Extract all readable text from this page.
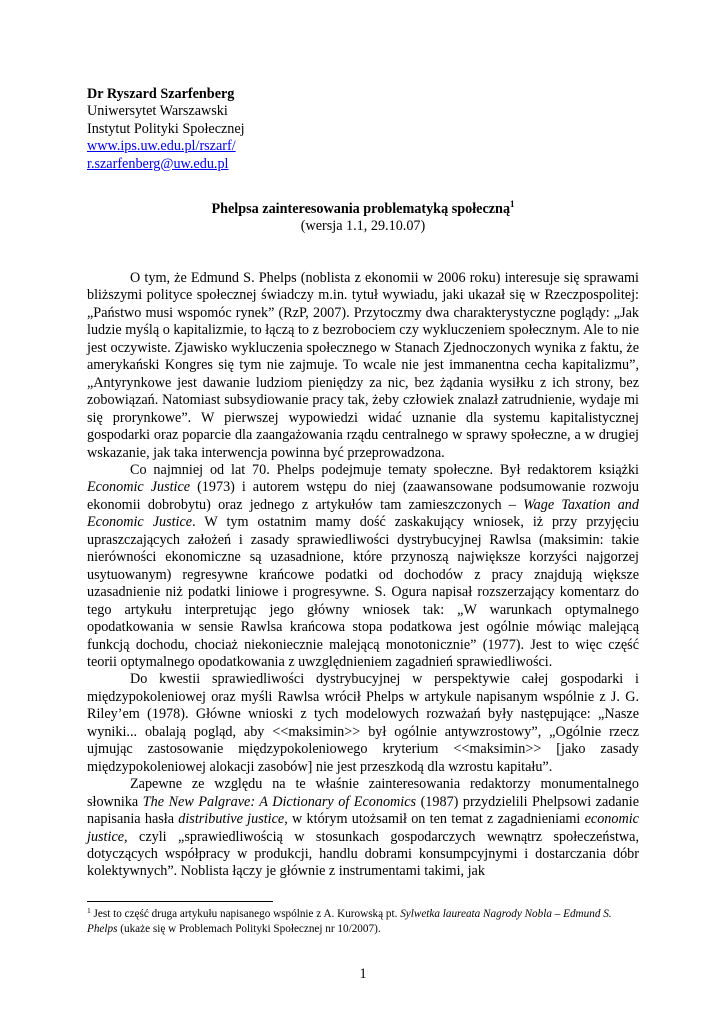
Dr Ryszard Szarfenberg
Uniwersytet Warszawski
Instytut Polityki Społecznej
www.ips.uw.edu.pl/rszarf/
r.szarfenberg@uw.edu.pl
Phelpsa zainteresowania problematyką społeczną$^1$
(wersja 1.1, 29.10.07)

O tym, że Edmund S. Phelps (noblista z ekonomii w 2006 roku) interesuje się sprawami bliższymi polityce społecznej świadczy m.in. tytuł wywiadu, jaki ukazał się w Rzeczpospolitej: „Państwo musi wspomóc rynek” (RzP, 2007). Przytoczmy dwa charakterystyczne poglądy: „Jak ludzie myślą o kapitalizmie, to łączą to z bezrobociem czy wykluczeniem społecznym. Ale to nie jest oczywiste. Zjawisko wykluczenia społecznego w Stanach Zjednoczonych wynika z faktu, że amerykański Kongres się tym nie zajmuje. To wcale nie jest immanentna cecha kapitalizmu”, „Antyrynkowe jest dawanie ludziom pieniędzy za nic, bez żądania wysiłku z ich strony, bez zobowiązań. Natomiast subsydiowanie pracy tak, żeby człowiek znalazł zatrudnienie, wydaje mi się prorynkowe”. W pierwszej wypowiedzi widać uznanie dla systemu kapitalistycznej gospodarki oraz poparcie dla zaangażowania rządu centralnego w sprawy społeczne, a w drugiej wskazanie, jak taka interwencja powinna być przeprowadzona.

Co najmniej od lat 70. Phelps podejmuje tematy społeczne. Był redaktorem książki Economic Justice (1973) i autorem wstępu do niej (zaawansowane podsumowanie rozwoju ekonomii dobrobytu) oraz jednego z artykułów tam zamieszczonych – Wage Taxation and Economic Justice. W tym ostatnim mamy dość zaskakujący wniosek, iż przy przyjęciu upraszczających założeń i zasady sprawiedliwości dystrybucyjnej Rawlsa (maksimin: takie nierówności ekonomiczne są uzasadnione, które przynoszą największe korzyści najgorzej usytuowanym) regresywne krańcowe podatki od dochodów z pracy znajdują większe uzasadnienie niż podatki liniowe i progresywne. S. Ogura napisał rozszerzający komentarz do tego artykułu interpretując jego główny wniosek tak: „W warunkach optymalnego opodatkowania w sensie Rawlsa krańcowa stopa podatkowa jest ogólnie mówiąc malejącą funkcją dochodu, chociaż niekoniecznie malejącą monotonicznie” (1977). Jest to więc część teorii optymalnego opodatkowania z uwzględnieniem zagadnień sprawiedliwości.

Do kwestii sprawiedliwości dystrybucyjnej w perspektywie całej gospodarki i międzypokoleniowej oraz myśli Rawlsa wrócił Phelps w artykule napisanym wspólnie z J. G. Riley’em (1978). Główne wnioski z tych modelowych rozważań były następujące: „Nasze wyniki... obalają pogląd, aby <<maksimin>> był ogólnie antywzrostowy”, „Ogólnie rzecz ujmując zastosowanie międzypokoleniowego kryterium <<maksimin>> [jako zasady międzypokoleniowej alokacji zasobów] nie jest przeszkodą dla wzrostu kapitału”.

Zapewne ze względu na te właśnie zainteresowania redaktorzy monumentalnego słownika The New Palgrave: A Dictionary of Economics (1987) przydzielili Phelpsowi zadanie napisania hasła distributive justice, w którym utożsamił on ten temat z zagadnieniami economic justice, czyli „sprawiedliwością w stosunkach gospodarczych wewnątrz społeczeństwa, dotyczących współpracy w produkcji, handlu dobrami konsumpcyjnymi i dostarczania dóbr kolektywnych”. Noblista łączy je głównie z instrumentami takimi, jak

$^1$ Jest to część druga artykułu napisanego wspólnie z A. Kurowską pt. Sylwetka laureata Nagrody Nobla – Edmund S. Phelps (ukaże się w Problemach Polityki Społecznej nr 10/2007).
1
